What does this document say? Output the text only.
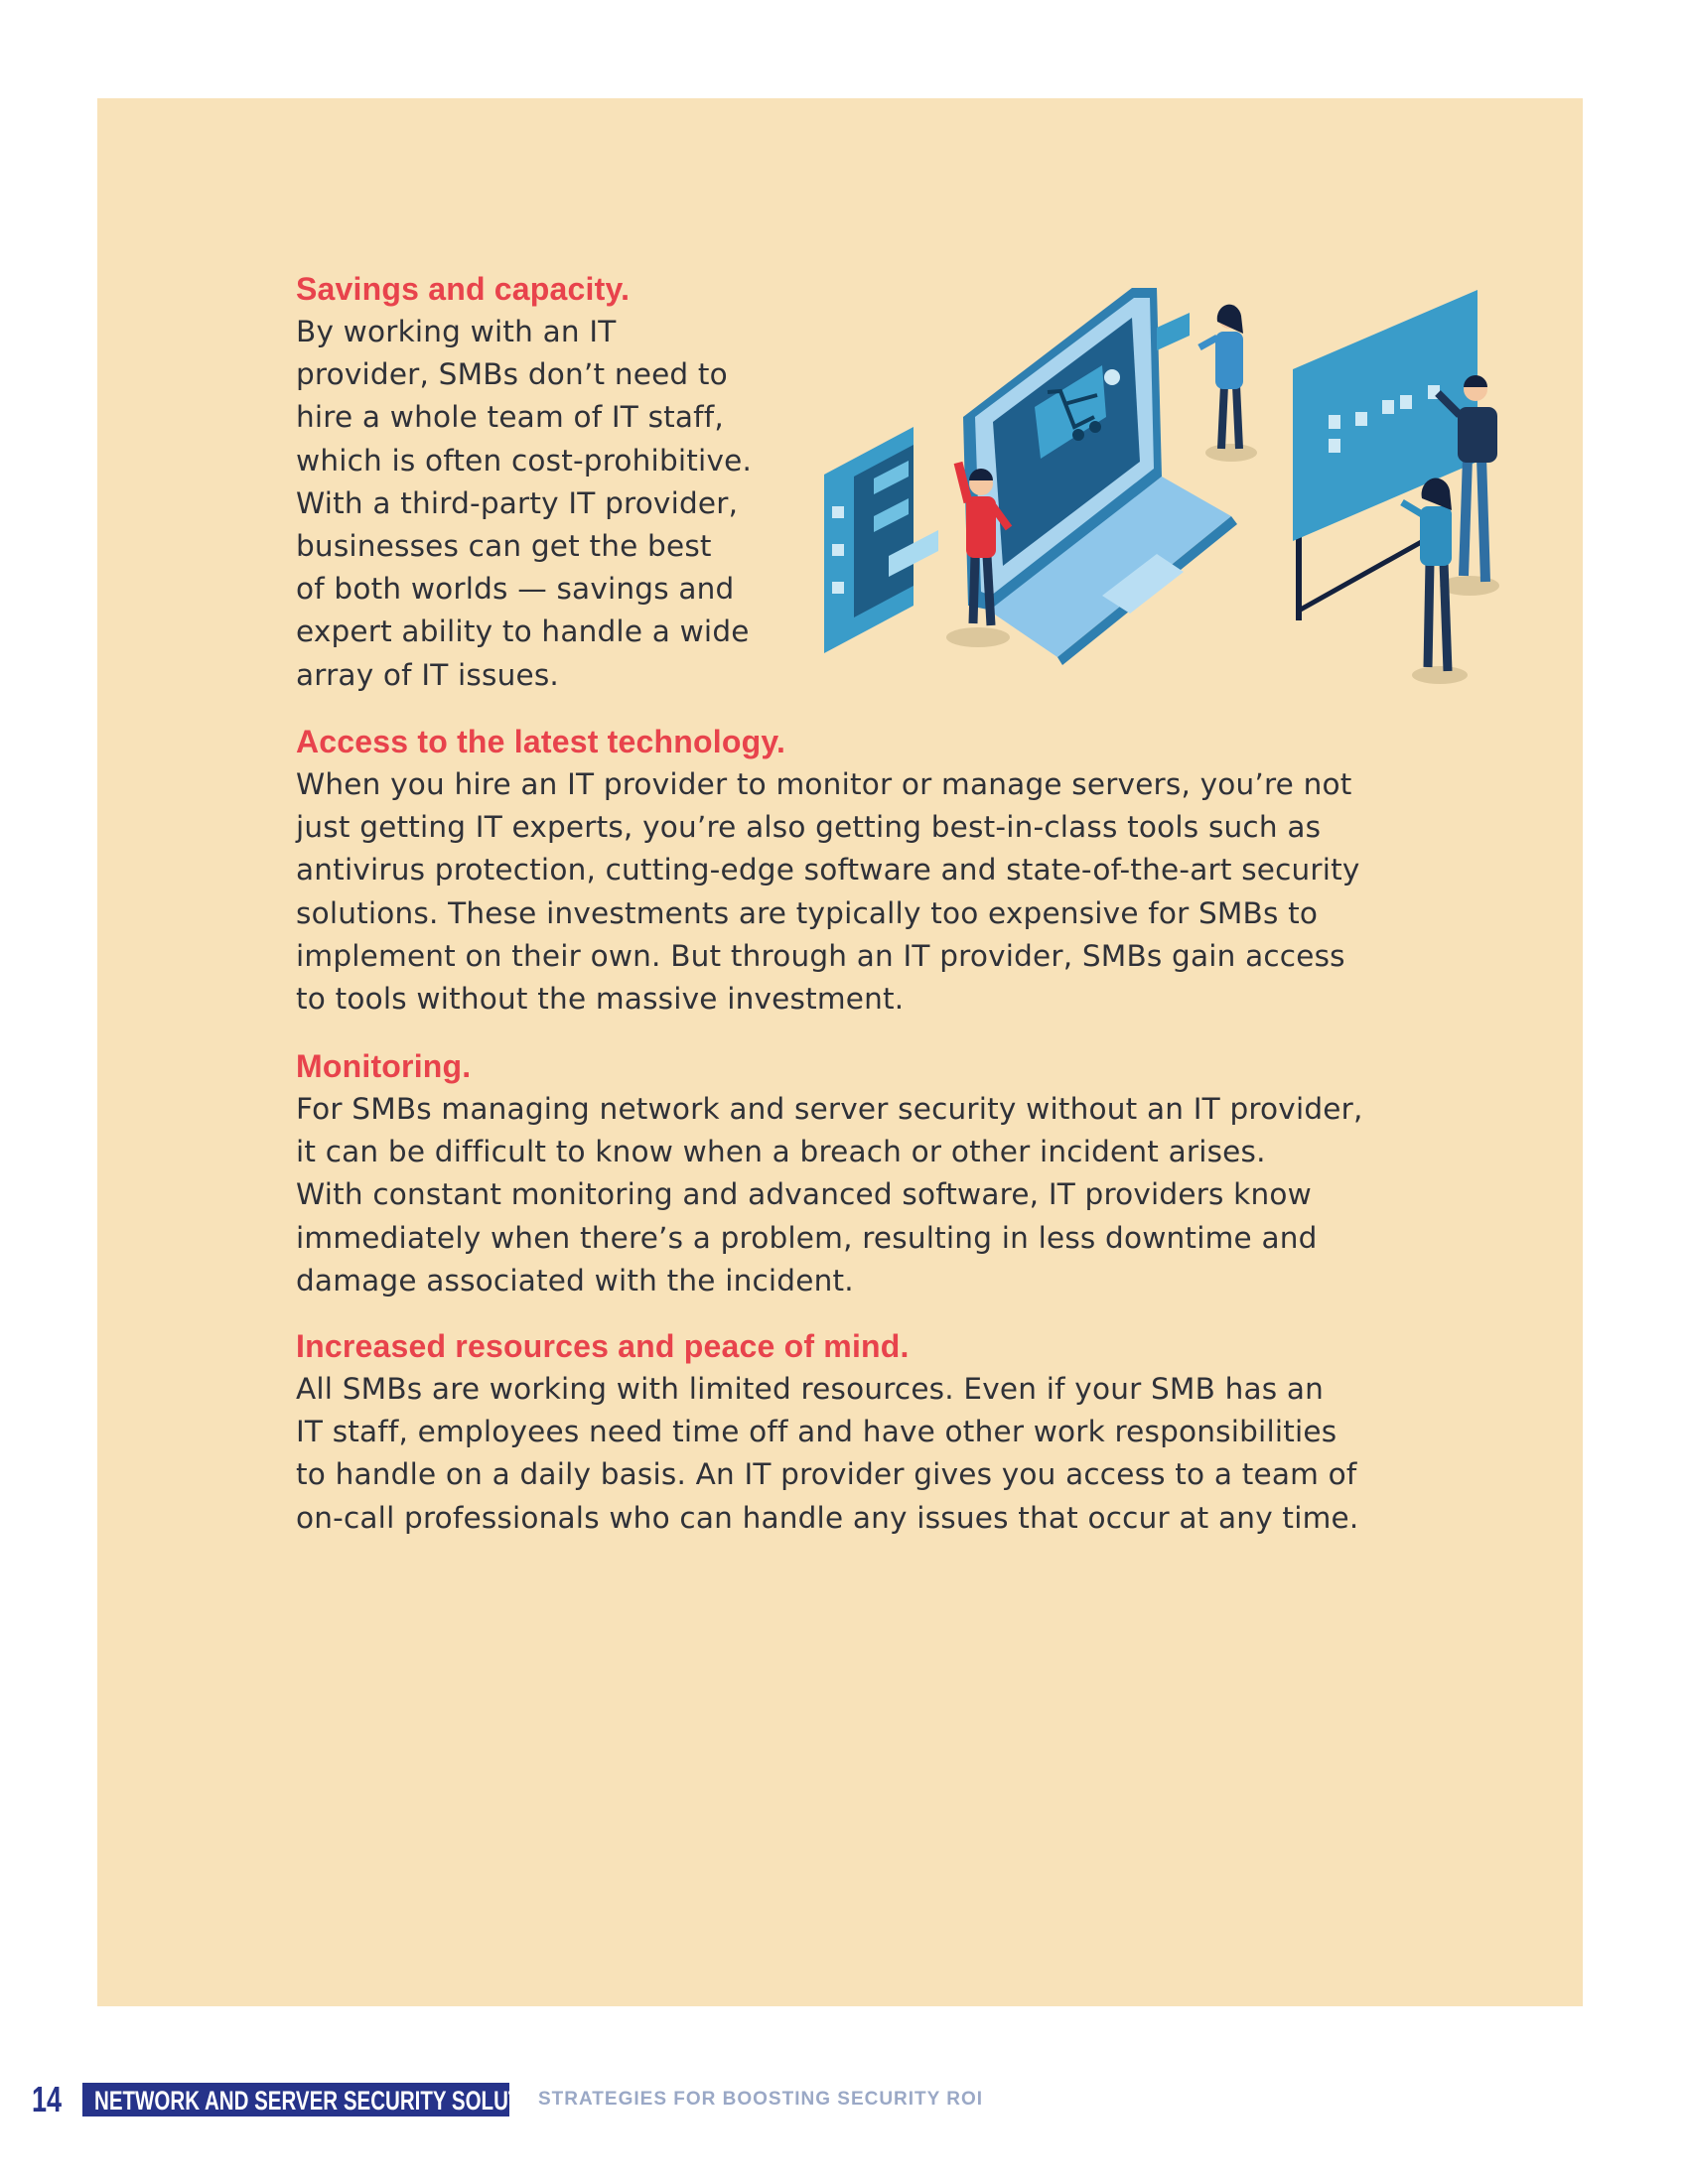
Savings and capacity.
By working with an IT
provider, SMBs don’t need to
hire a whole team of IT staff,
which is often cost-prohibitive.
With a third-party IT provider,
businesses can get the best
of both worlds — savings and
expert ability to handle a wide
array of IT issues.
Access to the latest technology.
When you hire an IT provider to monitor or manage servers, you’re not
just getting IT experts, you’re also getting best-in-class tools such as
antivirus protection, cutting-edge software and state-of-the-art security
solutions. These investments are typically too expensive for SMBs to
implement on their own. But through an IT provider, SMBs gain access
to tools without the massive investment.
Monitoring.
For SMBs managing network and server security without an IT provider,
it can be difficult to know when a breach or other incident arises.
With constant monitoring and advanced software, IT providers know
immediately when there’s a problem, resulting in less downtime and
damage associated with the incident.
Increased resources and peace of mind.
All SMBs are working with limited resources. Even if your SMB has an
IT staff, employees need time off and have other work responsibilities
to handle on a daily basis. An IT provider gives you access to a team of
on-call professionals who can handle any issues that occur at any time.
14 NETWORK AND SERVER SECURITY SOLUTIONS
STRATEGIES FOR BOOSTING SECURITY ROI
